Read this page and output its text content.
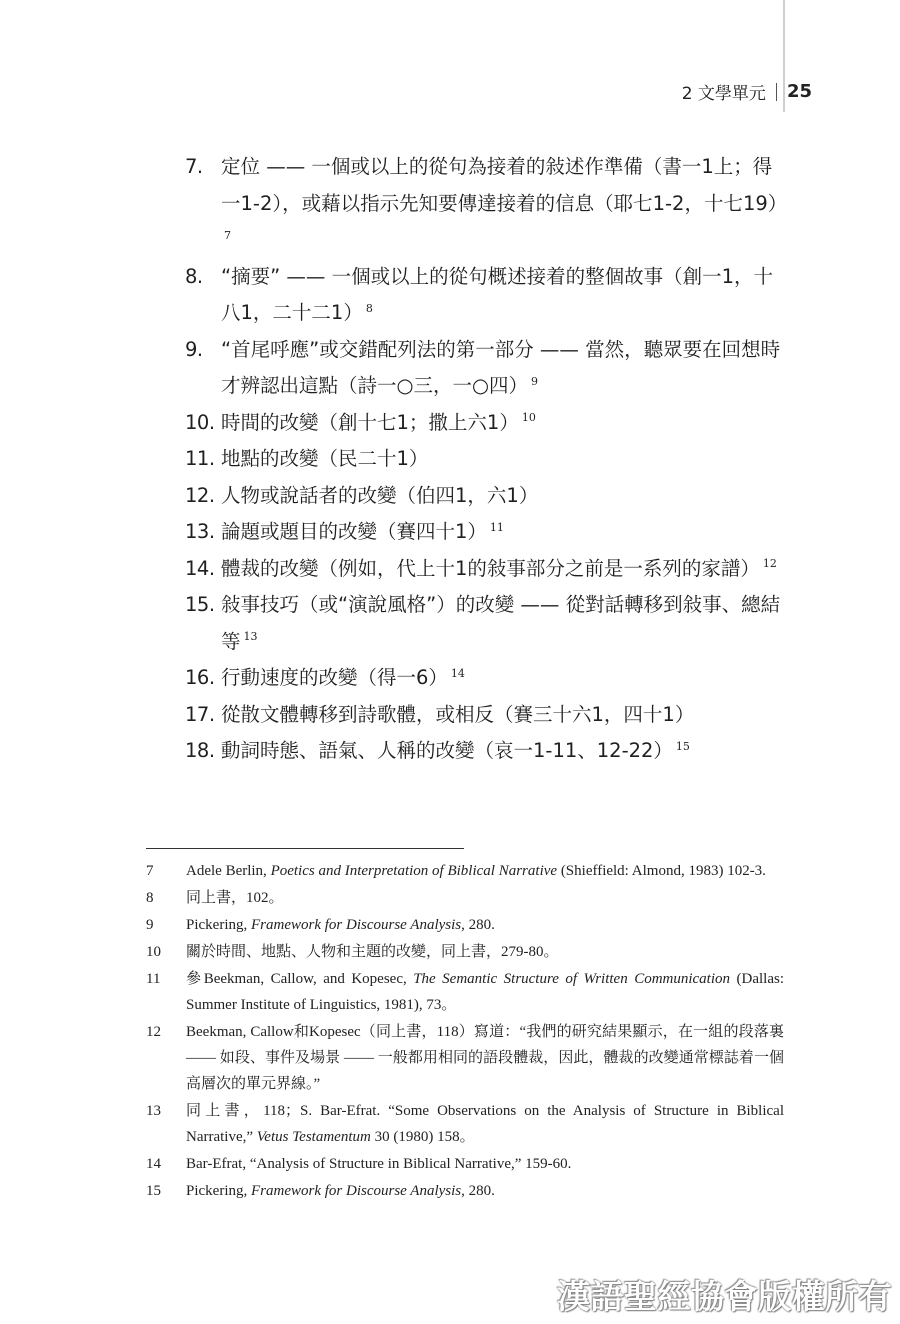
2 文學單元 25
7. 定位 —— 一個或以上的從句為接着的敍述作準備（書一1上；得一1-2），或藉以指示先知要傳達接着的信息（耶七1-2，十七19）$^7$
8. “摘要” —— 一個或以上的從句概述接着的整個故事（創一1，十八1，二十二1） $^8$
9. “首尾呼應”或交錯配列法的第一部分 —— 當然，聽眾要在回想時才辨認出這點（詩一○三，一○四） $^9$
10. 時間的改變（創十七1；撒上六1） $^{10}$
11. 地點的改變（民二十1）
12. 人物或說話者的改變（伯四1，六1）
13. 論題或題目的改變（賽四十1） $^{11}$
14. 體裁的改變（例如，代上十1的敍事部分之前是一系列的家譜） $^{12}$
15. 敍事技巧（或“演說風格”）的改變 —— 從對話轉移到敍事、總結等 $^{13}$
16. 行動速度的改變（得一6） $^{14}$
17. 從散文體轉移到詩歌體，或相反（賽三十六1，四十1）
18. 動詞時態、語氣、人稱的改變（哀一1-11、12-22） $^{15}$
7	Adele Berlin, Poetics and Interpretation of Biblical Narrative (Shieffield: Almond, 1983) 102-3.
8	同上書，102。
9	Pickering, Framework for Discourse Analysis, 280.
10	關於時間、地點、人物和主題的改變，同上書，279-80。
11	參Beekman, Callow, and Kopesec, The Semantic Structure of Written Communication (Dallas: Summer Institute of Linguistics, 1981), 73。
12	Beekman, Callow和Kopesec（同上書，118）寫道：“我們的研究結果顯示，在一組的段落裏 —— 如段、事件及場景 —— 一般都用相同的語段體裁，因此，體裁的改變通常標誌着一個高層次的單元界線。”
13	同上書，118；S. Bar-Efrat. “Some Observations on the Analysis of Structure in Biblical Narrative,” Vetus Testamentum 30 (1980) 158。
14	Bar-Efrat, “Analysis of Structure in Biblical Narrative,” 159-60.
15	Pickering, Framework for Discourse Analysis, 280.
漢語聖經協會版權所有
